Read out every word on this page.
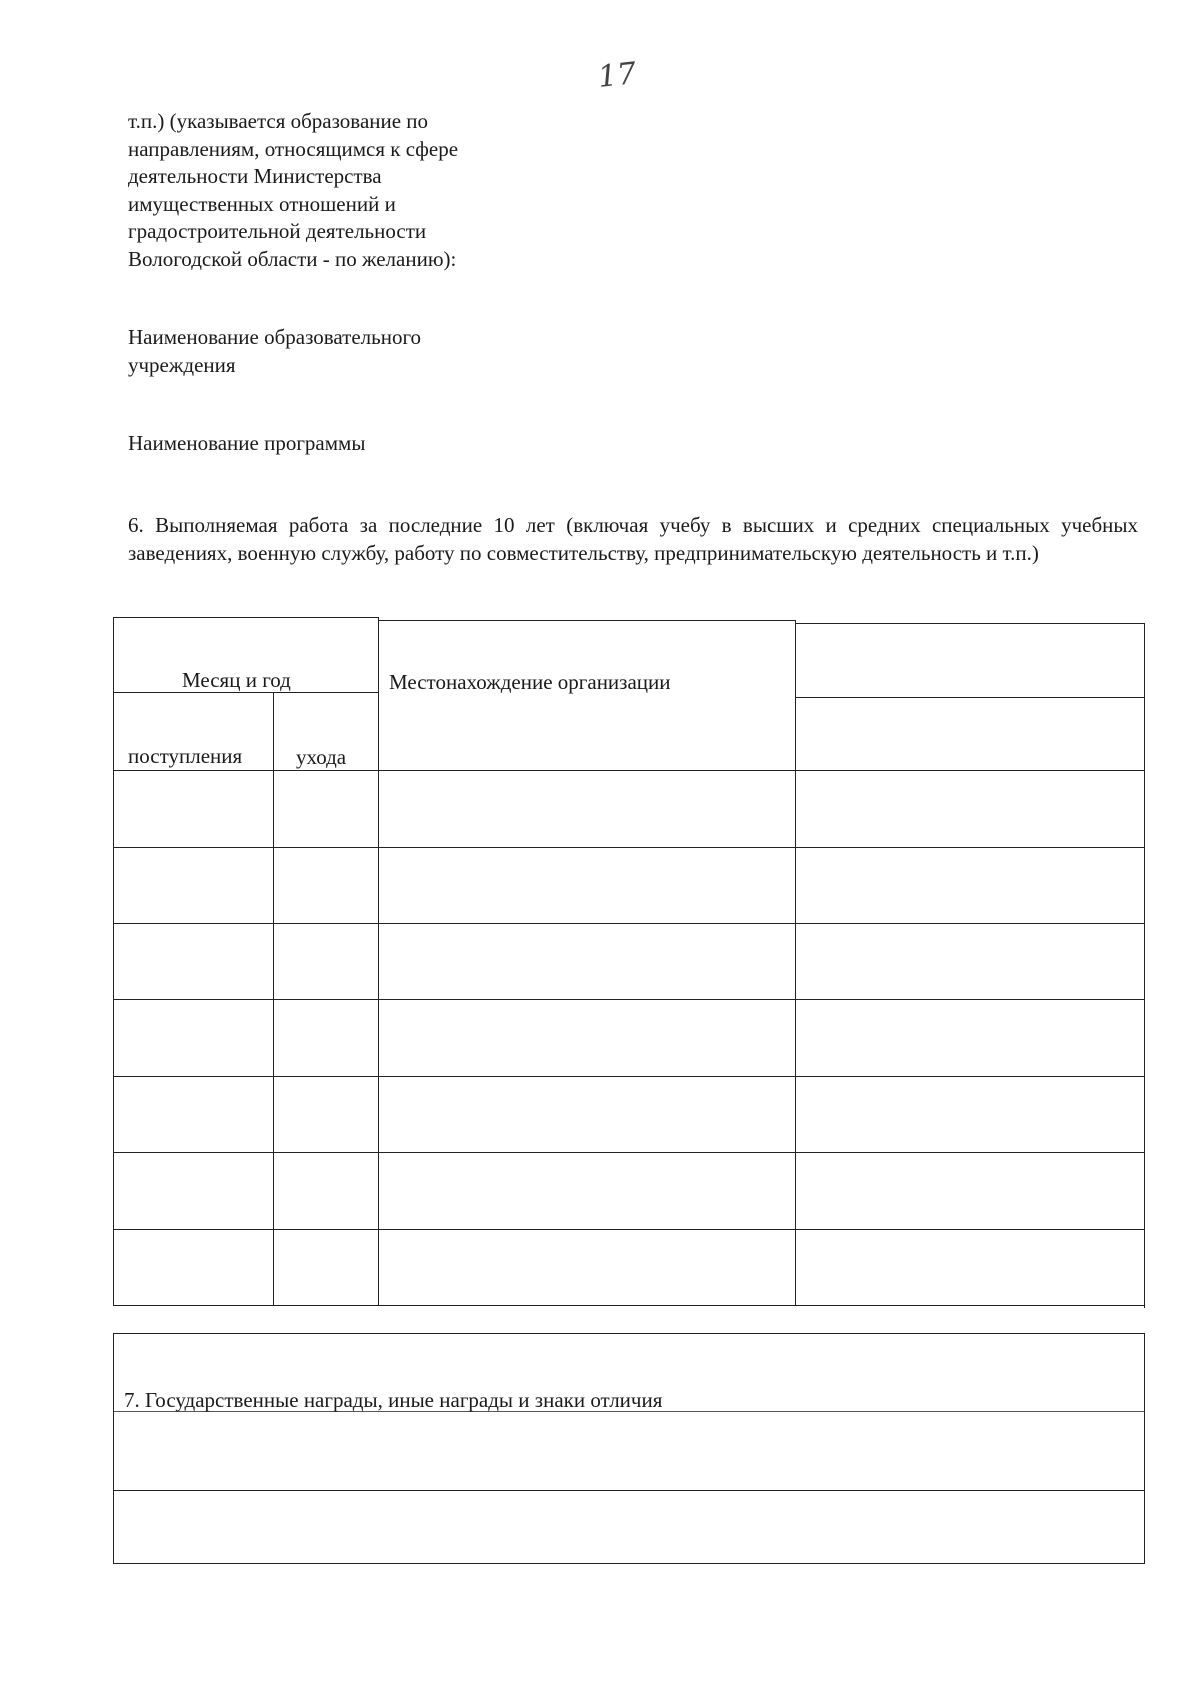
17
т.п.) (указывается образование по
направлениям, относящимся к сфере
деятельности Министерства
имущественных отношений и
градостроительной деятельности
Вологодской области - по желанию):
Наименование образовательного
учреждения
Наименование программы
6. Выполняемая работа за последние 10 лет (включая учебу в высших и средних специальных учебных заведениях, военную службу, работу по совместительству, предпринимательскую деятельность и т.п.)
Месяц и год
поступления	ухода
Местонахождение организации
7. Государственные награды, иные награды и знаки отличия
